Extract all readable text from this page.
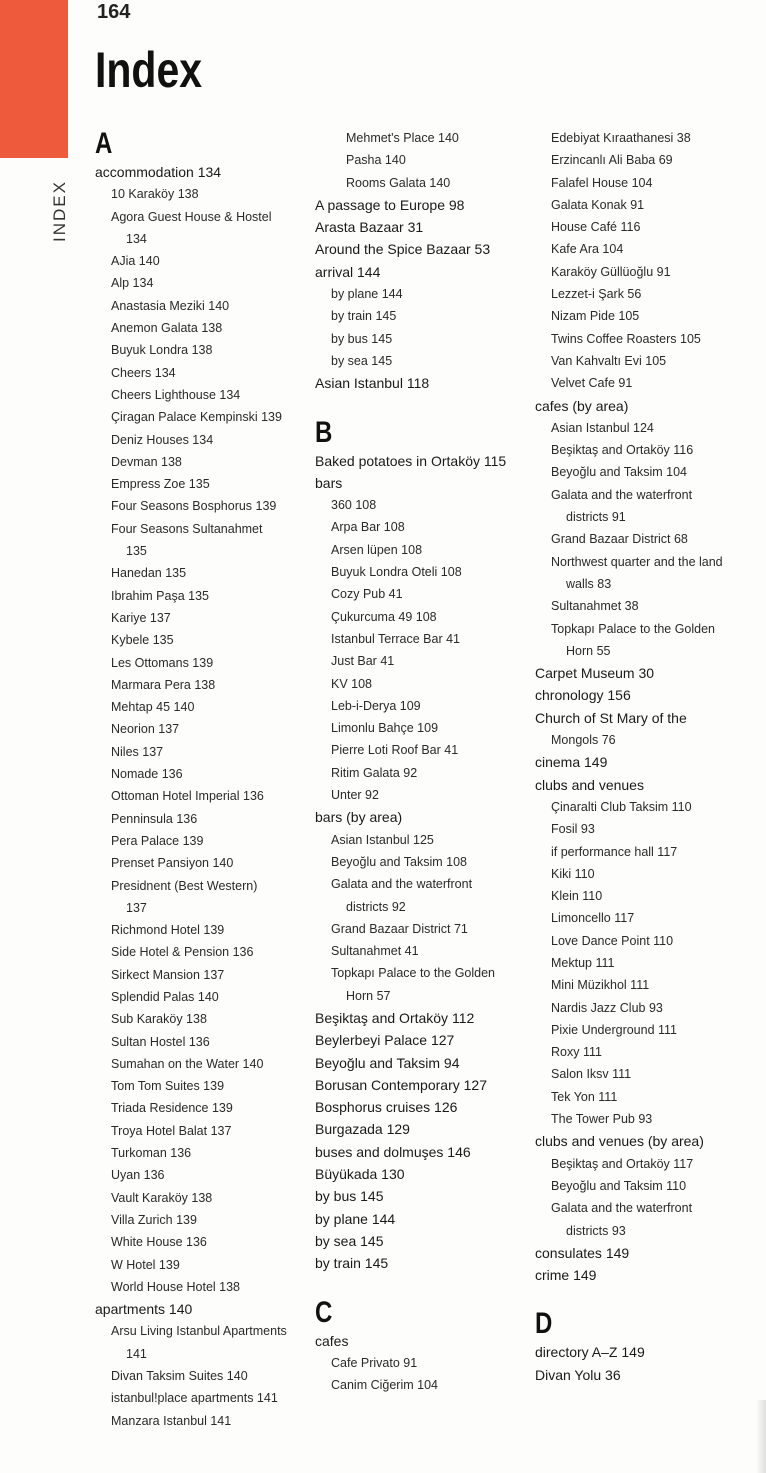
INDEX
164
Index
A
accommodation 134
10 Karaköy 138
Agora Guest House & Hostel
134
AJia 140
Alp 134
Anastasia Meziki 140
Anemon Galata 138
Buyuk Londra 138
Cheers 134
Cheers Lighthouse 134
Çiragan Palace Kempinski 139
Deniz Houses 134
Devman 138
Empress Zoe 135
Four Seasons Bosphorus 139
Four Seasons Sultanahmet
135
Hanedan 135
Ibrahim Paşa 135
Kariye 137
Kybele 135
Les Ottomans 139
Marmara Pera 138
Mehtap 45 140
Neorion 137
Niles 137
Nomade 136
Ottoman Hotel Imperial 136
Penninsula 136
Pera Palace 139
Prenset Pansiyon 140
Presidnent (Best Western)
137
Richmond Hotel 139
Side Hotel & Pension 136
Sirkect Mansion 137
Splendid Palas 140
Sub Karaköy 138
Sultan Hostel 136
Sumahan on the Water 140
Tom Tom Suites 139
Triada Residence 139
Troya Hotel Balat 137
Turkoman 136
Uyan 136
Vault Karaköy 138
Villa Zurich 139
White House 136
W Hotel 139
World House Hotel 138
apartments 140
Arsu Living Istanbul Apartments
141
Divan Taksim Suites 140
istanbul!place apartments 141
Manzara Istanbul 141
Mehmet's Place 140
Pasha 140
Rooms Galata 140
A passage to Europe 98
Arasta Bazaar 31
Around the Spice Bazaar 53
arrival 144
by plane 144
by train 145
by bus 145
by sea 145
Asian Istanbul 118
B
Baked potatoes in Ortaköy 115
bars
360 108
Arpa Bar 108
Arsen lüpen 108
Buyuk Londra Oteli 108
Cozy Pub 41
Çukurcuma 49 108
Istanbul Terrace Bar 41
Just Bar 41
KV 108
Leb-i-Derya 109
Limonlu Bahçe 109
Pierre Loti Roof Bar 41
Ritim Galata 92
Unter 92
bars (by area)
Asian Istanbul 125
Beyoğlu and Taksim 108
Galata and the waterfront
districts 92
Grand Bazaar District 71
Sultanahmet 41
Topkapı Palace to the Golden
Horn 57
Beşiktaş and Ortaköy 112
Beylerbeyi Palace 127
Beyoğlu and Taksim 94
Borusan Contemporary 127
Bosphorus cruises 126
Burgazada 129
buses and dolmuşes 146
Büyükada 130
by bus 145
by plane 144
by sea 145
by train 145
C
cafes
Cafe Privato 91
Canim Ciğerim 104
Edebiyat Kıraathanesi 38
Erzincanlı Ali Baba 69
Falafel House 104
Galata Konak 91
House Café 116
Kafe Ara 104
Karaköy Güllüoğlu 91
Lezzet-i Şark 56
Nizam Pide 105
Twins Coffee Roasters 105
Van Kahvaltı Evi 105
Velvet Cafe 91
cafes (by area)
Asian Istanbul 124
Beşiktaş and Ortaköy 116
Beyoğlu and Taksim 104
Galata and the waterfront
districts 91
Grand Bazaar District 68
Northwest quarter and the land
walls 83
Sultanahmet 38
Topkapı Palace to the Golden
Horn 55
Carpet Museum 30
chronology 156
Church of St Mary of the
Mongols 76
cinema 149
clubs and venues
Çinaralti Club Taksim 110
Fosil 93
if performance hall 117
Kiki 110
Klein 110
Limoncello 117
Love Dance Point 110
Mektup 111
Mini Müzikhol 111
Nardis Jazz Club 93
Pixie Underground 111
Roxy 111
Salon Iksv 111
Tek Yon 111
The Tower Pub 93
clubs and venues (by area)
Beşiktaş and Ortaköy 117
Beyoğlu and Taksim 110
Galata and the waterfront
districts 93
consulates 149
crime 149
D
directory A–Z 149
Divan Yolu 36
